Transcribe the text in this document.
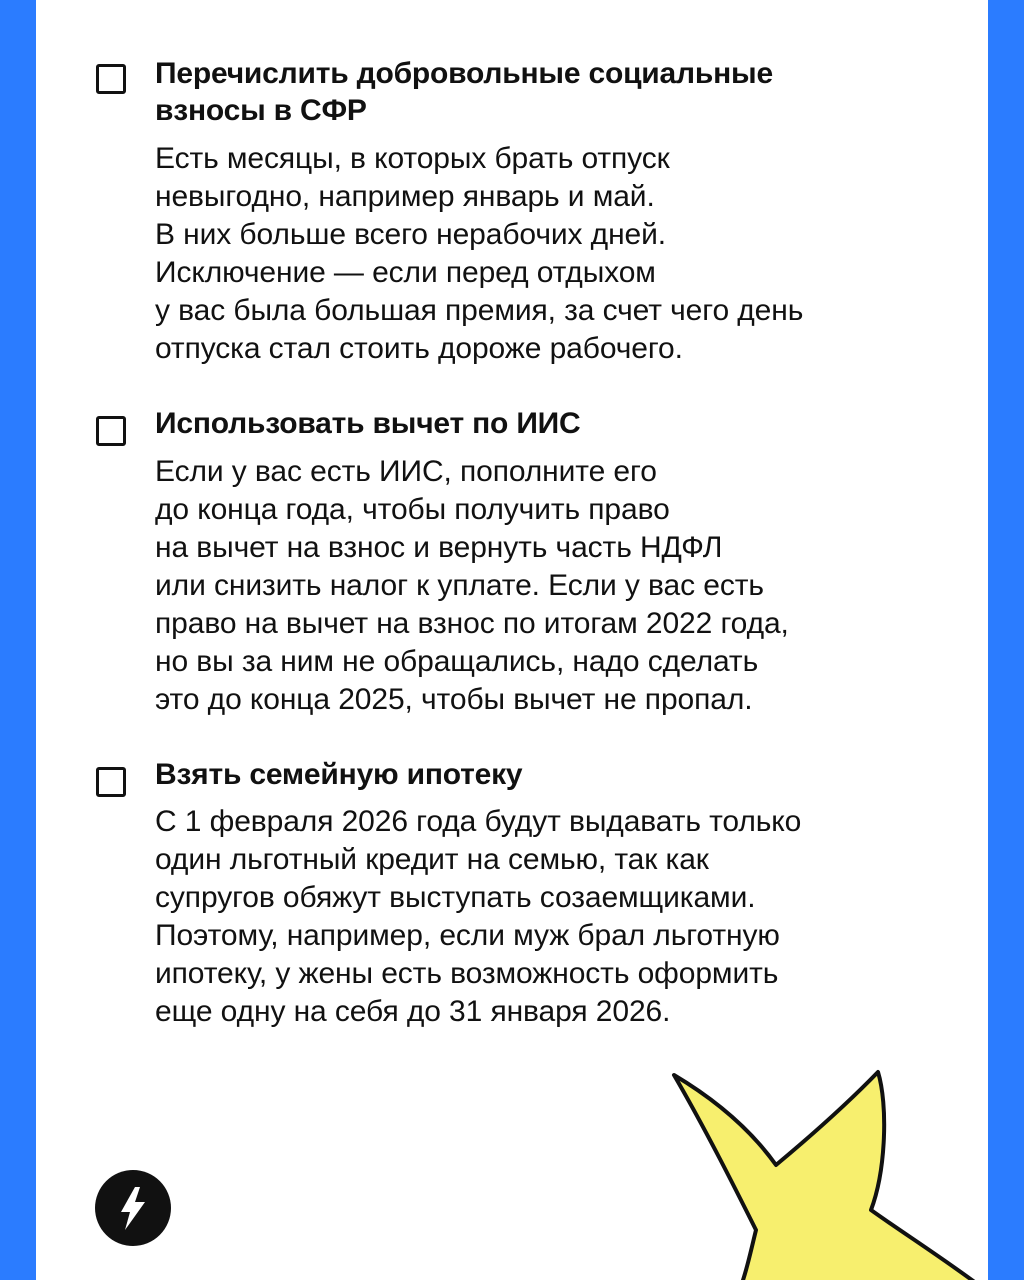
Перечислить добровольные социальные
взносы в СФР
Есть месяцы, в которых брать отпуск
невыгодно, например январь и май.
В них больше всего нерабочих дней.
Исключение — если перед отдыхом
у вас была большая премия, за счет чего день
отпуска стал стоить дороже рабочего.
Использовать вычет по ИИС
Если у вас есть ИИС, пополните его
до конца года, чтобы получить право
на вычет на взнос и вернуть часть НДФЛ
или снизить налог к уплате. Если у вас есть
право на вычет на взнос по итогам 2022 года,
но вы за ним не обращались, надо сделать
это до конца 2025, чтобы вычет не пропал.
Взять семейную ипотеку
С 1 февраля 2026 года будут выдавать только
один льготный кредит на семью, так как
супругов обяжут выступать созаемщиками.
Поэтому, например, если муж брал льготную
ипотеку, у жены есть возможность оформить
еще одну на себя до 31 января 2026.
